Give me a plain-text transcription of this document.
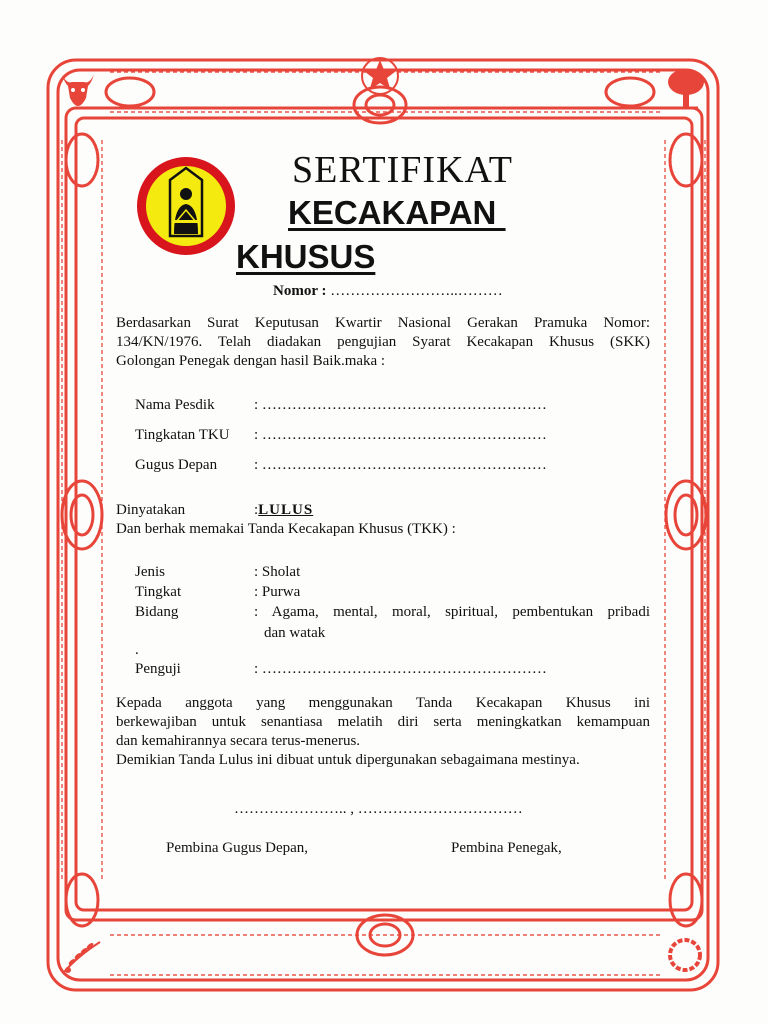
SERTIFIKAT
KECAKAPAN
KHUSUS
Nomor : ……………………..………
Berdasarkan Surat Keputusan Kwartir Nasional Gerakan Pramuka Nomor:
134/KN/1976. Telah diadakan pengujian Syarat Kecakapan Khusus (SKK)
Golongan Penegak dengan hasil Baik.maka :
Nama Pesdik	: …………………………………………………
Tingkatan TKU : …………………………………………………
Gugus Depan : …………………………………………………
Dinyatakan	:LULUS
Dan berhak memakai Tanda Kecakapan Khusus (TKK) :
Jenis	: Sholat
Tingkat	: Purwa
Bidang	: Agama, mental, moral, spiritual, pembentukan pribadi
dan watak
.
Penguji	: …………………………………………………
Kepada anggota yang menggunakan Tanda Kecakapan Khusus ini
berkewajiban untuk senantiasa melatih diri serta meningkatkan kemampuan
dan kemahirannya secara terus-menerus.
Demikian Tanda Lulus ini dibuat untuk dipergunakan sebagaimana mestinya.
………………….. , ……………………………
Pembina Gugus Depan,	Pembina Penegak,
